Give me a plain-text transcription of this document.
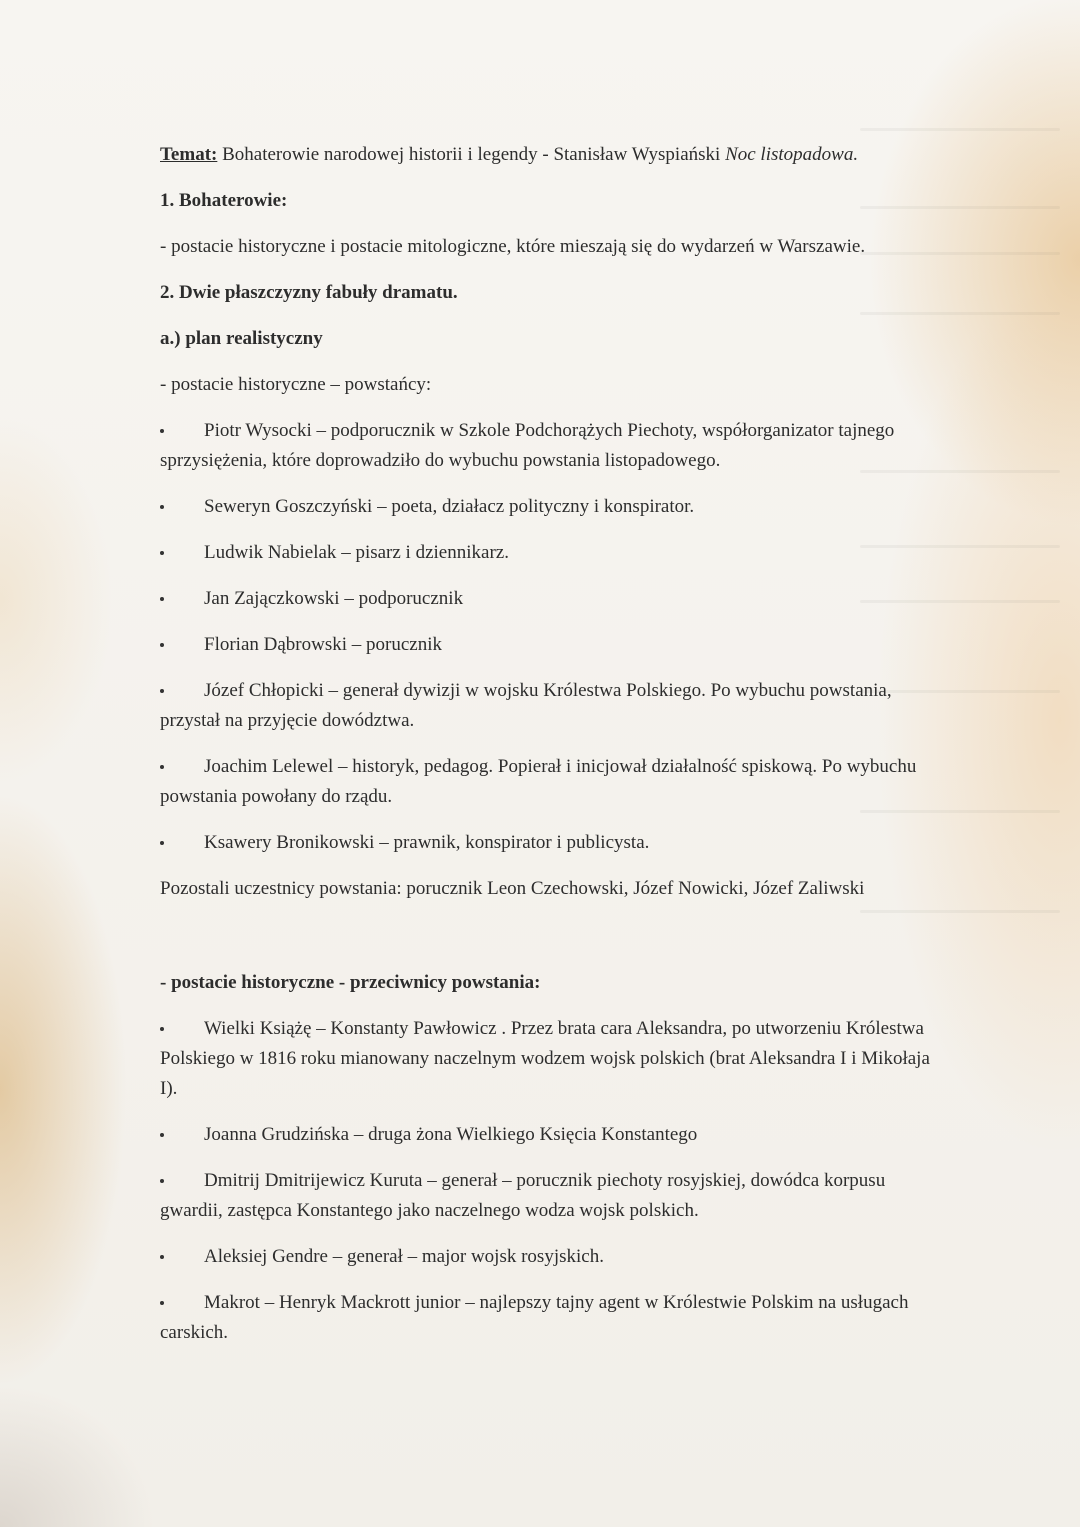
Temat: Bohaterowie narodowej historii i legendy - Stanisław Wyspiański Noc listopadowa.

1. Bohaterowie:

- postacie historyczne i postacie mitologiczne, które mieszają się do wydarzeń w Warszawie.

2. Dwie płaszczyzny fabuły dramatu.

a.) plan realistyczny

- postacie historyczne – powstańcy:

Piotr Wysocki – podporucznik w Szkole Podchorążych Piechoty, współorganizator tajnego sprzysiężenia, które doprowadziło do wybuchu powstania listopadowego.
Seweryn Goszczyński – poeta, działacz polityczny i konspirator.
Ludwik Nabielak – pisarz i dziennikarz.
Jan Zajączkowski – podporucznik
Florian Dąbrowski – porucznik
Józef Chłopicki – generał dywizji w wojsku Królestwa Polskiego. Po wybuchu powstania, przystał na przyjęcie dowództwa.
Joachim Lelewel – historyk, pedagog. Popierał i inicjował działalność spiskową. Po wybuchu powstania powołany do rządu.
Ksawery Bronikowski – prawnik, konspirator i publicysta.

Pozostali uczestnicy powstania: porucznik Leon Czechowski, Józef Nowicki, Józef Zaliwski

- postacie historyczne - przeciwnicy powstania:

Wielki Książę – Konstanty Pawłowicz . Przez brata cara Aleksandra, po utworzeniu Królestwa Polskiego w 1816 roku mianowany naczelnym wodzem wojsk polskich (brat Aleksandra I i Mikołaja I).
Joanna Grudzińska – druga żona Wielkiego Księcia Konstantego
Dmitrij Dmitrijewicz Kuruta – generał – porucznik piechoty rosyjskiej, dowódca korpusu gwardii, zastępca Konstantego jako naczelnego wodza wojsk polskich.
Aleksiej Gendre – generał – major wojsk rosyjskich.
Makrot – Henryk Mackrott junior – najlepszy tajny agent w Królestwie Polskim na usługach carskich.
